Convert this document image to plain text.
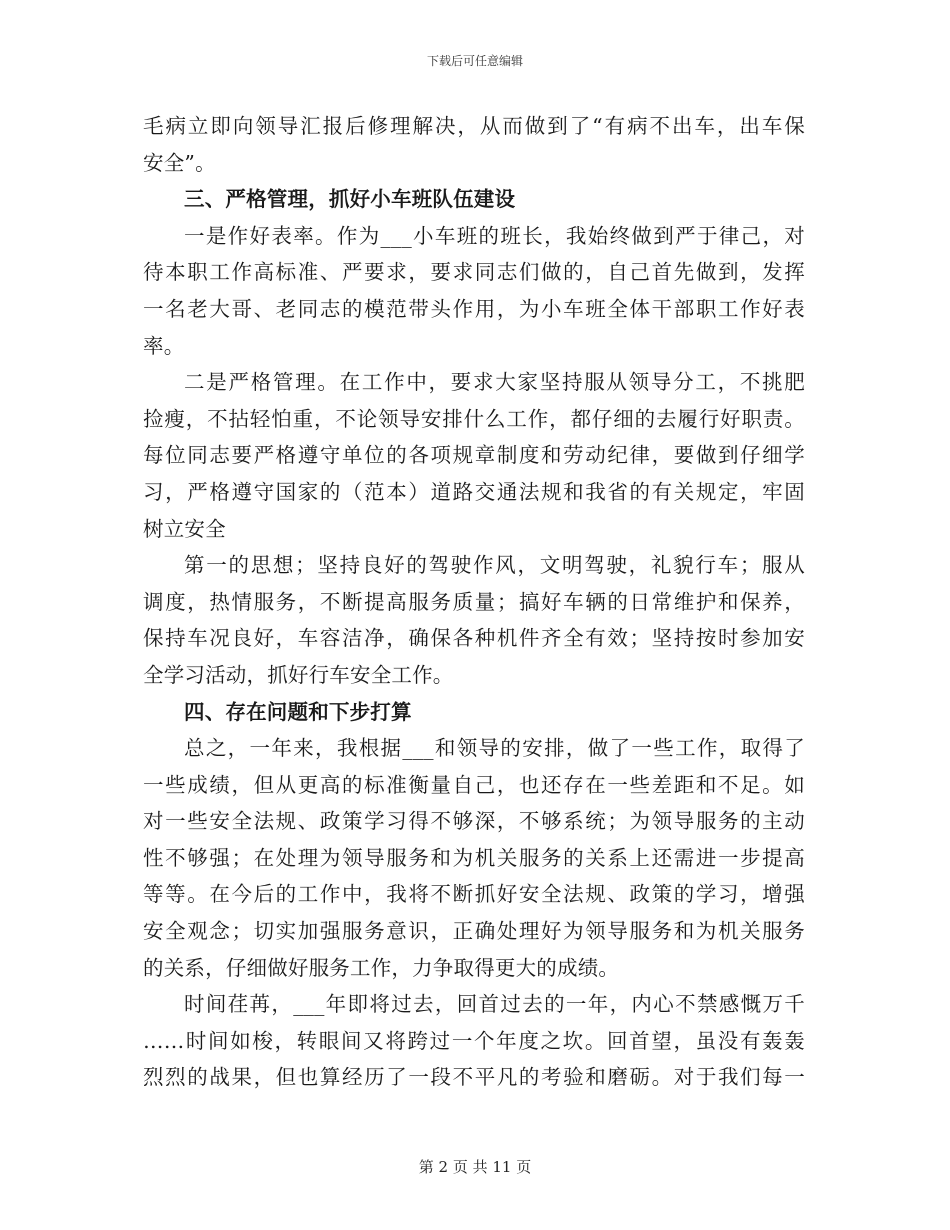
下载后可任意编辑
毛病立即向领导汇报后修理解决，从而做到了“有病不出车，出车保
安全”。
三、严格管理，抓好小车班队伍建设
一是作好表率。作为___小车班的班长，我始终做到严于律己，对
待本职工作高标准、严要求，要求同志们做的，自己首先做到，发挥
一名老大哥、老同志的模范带头作用，为小车班全体干部职工作好表
率。
二是严格管理。在工作中，要求大家坚持服从领导分工，不挑肥
捡瘦，不拈轻怕重，不论领导安排什么工作，都仔细的去履行好职责。
每位同志要严格遵守单位的各项规章制度和劳动纪律，要做到仔细学
习，严格遵守国家的（范本）道路交通法规和我省的有关规定，牢固
树立安全
第一的思想；坚持良好的驾驶作风，文明驾驶，礼貌行车；服从
调度，热情服务，不断提高服务质量；搞好车辆的日常维护和保养，
保持车况良好，车容洁净，确保各种机件齐全有效；坚持按时参加安
全学习活动，抓好行车安全工作。
四、存在问题和下步打算
总之，一年来，我根据___和领导的安排，做了一些工作，取得了
一些成绩，但从更高的标准衡量自己，也还存在一些差距和不足。如
对一些安全法规、政策学习得不够深，不够系统；为领导服务的主动
性不够强；在处理为领导服务和为机关服务的关系上还需进一步提高
等等。在今后的工作中，我将不断抓好安全法规、政策的学习，增强
安全观念；切实加强服务意识，正确处理好为领导服务和为机关服务
的关系，仔细做好服务工作，力争取得更大的成绩。
时间荏苒，___年即将过去，回首过去的一年，内心不禁感慨万千
……时间如梭，转眼间又将跨过一个年度之坎。回首望，虽没有轰轰
烈烈的战果，但也算经历了一段不平凡的考验和磨砺。对于我们每一
第 2 页 共 11 页
